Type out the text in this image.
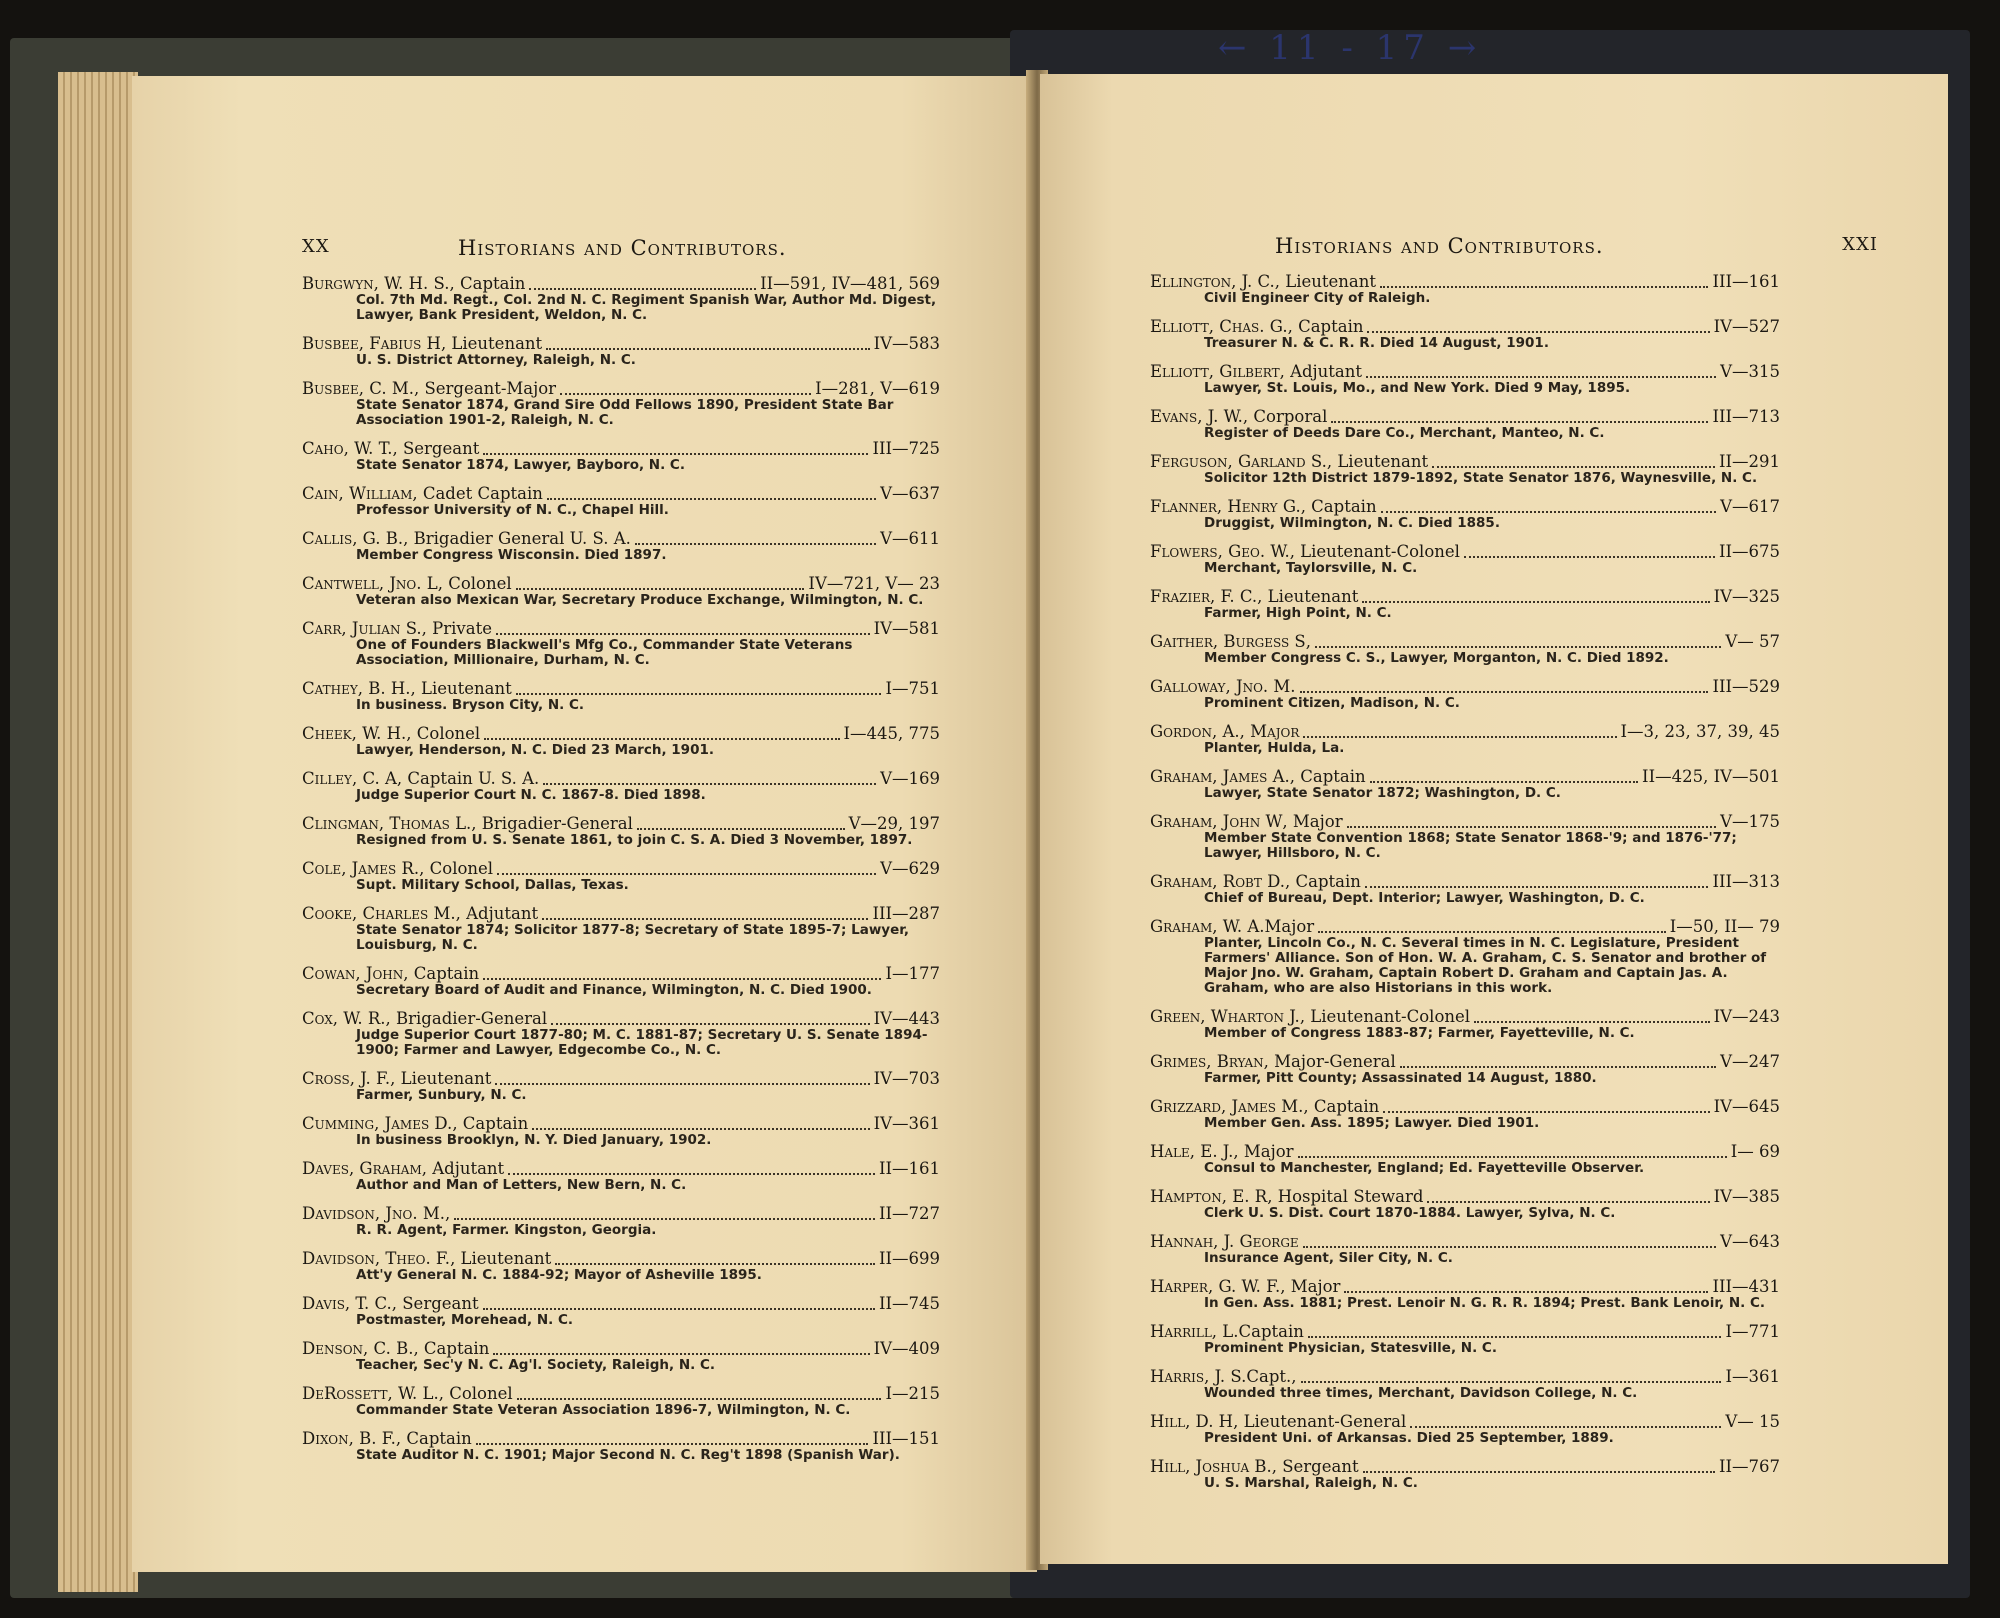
← 11 - 17 →
XX	Historians and Contributors.
Burgwyn, W. H. S. , Captain	II—591, IV—481, 569
Col. 7th Md. Regt., Col. 2nd N. C. Regiment Spanish War, Author Md. Digest, Lawyer, Bank President, Weldon, N. C.
Busbee, Fabius H , Lieutenant	IV—583
U. S. District Attorney, Raleigh, N. C.
Busbee, C. M. , Sergeant-Major	I—281, V—619
State Senator 1874, Grand Sire Odd Fellows 1890, President State Bar Association 1901-2, Raleigh, N. C.
Caho, W. T. , Sergeant	III—725
State Senator 1874, Lawyer, Bayboro, N. C.
Cain, William , Cadet Captain	V—637
Professor University of N. C., Chapel Hill.
Callis, G. B. , Brigadier General U. S. A.	V—611
Member Congress Wisconsin. Died 1897.
Cantwell, Jno. L , Colonel	IV—721, V— 23
Veteran also Mexican War, Secretary Produce Exchange, Wilmington, N. C.
Carr, Julian S. , Private	IV—581
One of Founders Blackwell's Mfg Co., Commander State Veterans Association, Millionaire, Durham, N. C.
Cathey, B. H. , Lieutenant	I—751
In business. Bryson City, N. C.
Cheek, W. H. , Colonel	I—445, 775
Lawyer, Henderson, N. C. Died 23 March, 1901.
Cilley, C. A , Captain U. S. A.	V—169
Judge Superior Court N. C. 1867-8. Died 1898.
Clingman, Thomas L. , Brigadier-General	V—29, 197
Resigned from U. S. Senate 1861, to join C. S. A. Died 3 November, 1897.
Cole, James R. , Colonel	V—629
Supt. Military School, Dallas, Texas.
Cooke, Charles M. , Adjutant	III—287
State Senator 1874; Solicitor 1877-8; Secretary of State 1895-7; Lawyer, Louisburg, N. C.
Cowan, John , Captain	I—177
Secretary Board of Audit and Finance, Wilmington, N. C. Died 1900.
Cox, W. R. , Brigadier-General	IV—443
Judge Superior Court 1877-80; M. C. 1881-87; Secretary U. S. Senate 1894-1900; Farmer and Lawyer, Edgecombe Co., N. C.
Cross, J. F. , Lieutenant	IV—703
Farmer, Sunbury, N. C.
Cumming, James D. , Captain	IV—361
In business Brooklyn, N. Y. Died January, 1902.
Daves, Graham , Adjutant	II—161
Author and Man of Letters, New Bern, N. C.
Davidson, Jno. M. ,	II—727
R. R. Agent, Farmer. Kingston, Georgia.
Davidson, Theo. F. , Lieutenant	II—699
Att'y General N. C. 1884-92; Mayor of Asheville 1895.
Davis, T. C. , Sergeant	II—745
Postmaster, Morehead, N. C.
Denson, C. B. , Captain	IV—409
Teacher, Sec'y N. C. Ag'l. Society, Raleigh, N. C.
DeRossett, W. L. , Colonel	I—215
Commander State Veteran Association 1896-7, Wilmington, N. C.
Dixon, B. F. , Captain	III—151
State Auditor N. C. 1901; Major Second N. C. Reg't 1898 (Spanish War).
Historians and Contributors.	XXI
Ellington, J. C. , Lieutenant	III—161
Civil Engineer City of Raleigh.
Elliott, Chas. G. , Captain	IV—527
Treasurer N. & C. R. R. Died 14 August, 1901.
Elliott, Gilbert , Adjutant	V—315
Lawyer, St. Louis, Mo., and New York. Died 9 May, 1895.
Evans, J. W. , Corporal	III—713
Register of Deeds Dare Co., Merchant, Manteo, N. C.
Ferguson, Garland S. , Lieutenant	II—291
Solicitor 12th District 1879-1892, State Senator 1876, Waynesville, N. C.
Flanner, Henry G. , Captain	V—617
Druggist, Wilmington, N. C. Died 1885.
Flowers, Geo. W. , Lieutenant-Colonel	II—675
Merchant, Taylorsville, N. C.
Frazier, F. C. , Lieutenant	IV—325
Farmer, High Point, N. C.
Gaither, Burgess S ,	V— 57
Member Congress C. S., Lawyer, Morganton, N. C. Died 1892.
Galloway, Jno. M.	III—529
Prominent Citizen, Madison, N. C.
Gordon, A., Major	I—3, 23, 37, 39, 45
Planter, Hulda, La.
Graham, James A. , Captain	II—425, IV—501
Lawyer, State Senator 1872; Washington, D. C.
Graham, John W , Major	V—175
Member State Convention 1868; State Senator 1868-'9; and 1876-'77; Lawyer, Hillsboro, N. C.
Graham, Robt D. , Captain	III—313
Chief of Bureau, Dept. Interior; Lawyer, Washington, D. C.
Graham, W. A. Major	I—50, II— 79
Planter, Lincoln Co., N. C. Several times in N. C. Legislature, President Farmers' Alliance. Son of Hon. W. A. Graham, C. S. Senator and brother of Major Jno. W. Graham, Captain Robert D. Graham and Captain Jas. A. Graham, who are also Historians in this work.
Green, Wharton J. , Lieutenant-Colonel	IV—243
Member of Congress 1883-87; Farmer, Fayetteville, N. C.
Grimes, Bryan , Major-General	V—247
Farmer, Pitt County; Assassinated 14 August, 1880.
Grizzard, James M. , Captain	IV—645
Member Gen. Ass. 1895; Lawyer. Died 1901.
Hale, E. J. , Major	I— 69
Consul to Manchester, England; Ed. Fayetteville Observer.
Hampton, E. R , Hospital Steward	IV—385
Clerk U. S. Dist. Court 1870-1884. Lawyer, Sylva, N. C.
Hannah, J. George	V—643
Insurance Agent, Siler City, N. C.
Harper, G. W. F. , Major	III—431
In Gen. Ass. 1881; Prest. Lenoir N. G. R. R. 1894; Prest. Bank Lenoir, N. C.
Harrill, L. Captain	I—771
Prominent Physician, Statesville, N. C.
Harris, J. S. Capt.,	I—361
Wounded three times, Merchant, Davidson College, N. C.
Hill, D. H , Lieutenant-General	V— 15
President Uni. of Arkansas. Died 25 September, 1889.
Hill, Joshua B. , Sergeant	II—767
U. S. Marshal, Raleigh, N. C.
